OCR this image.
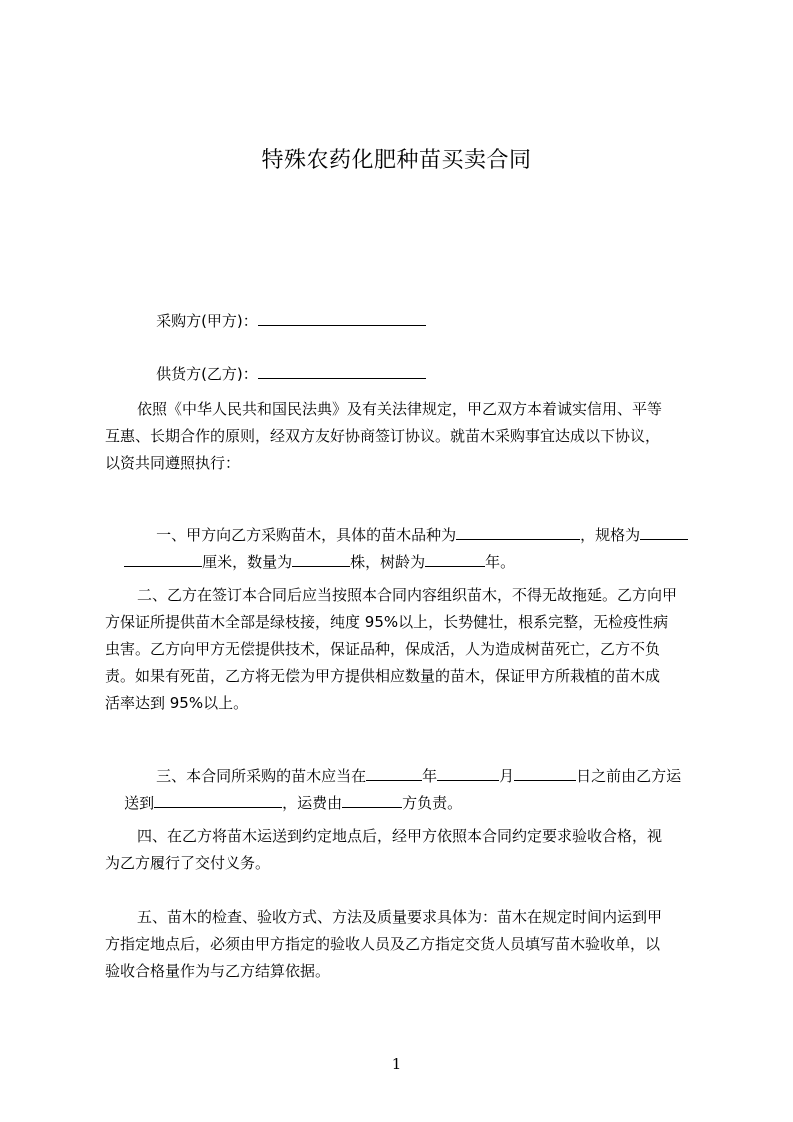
特殊农药化肥种苗买卖合同

采购方(甲方)：

供货方(乙方)：

依照《中华人民共和国民法典》及有关法律规定，甲乙双方本着诚实信用、平等
互惠、长期合作的原则，经双方友好协商签订协议。就苗木采购事宜达成以下协议，
以资共同遵照执行：

一、甲方向乙方采购苗木，具体的苗木品种为	，规格为

厘米，数量为	株，树龄为	年。

二、乙方在签订本合同后应当按照本合同内容组织苗木，不得无故拖延。乙方向甲
方保证所提供苗木全部是绿枝接，纯度 95%以上，长势健壮，根系完整，无检疫性病
虫害。乙方向甲方无偿提供技术，保证品种，保成活，人为造成树苗死亡，乙方不负
责。如果有死苗，乙方将无偿为甲方提供相应数量的苗木，保证甲方所栽植的苗木成
活率达到 95%以上。

三、本合同所采购的苗木应当在	年	月	日之前由乙方运

送到	，运费由	方负责。

四、在乙方将苗木运送到约定地点后，经甲方依照本合同约定要求验收合格，视
为乙方履行了交付义务。
五、苗木的检查、验收方式、方法及质量要求具体为：苗木在规定时间内运到甲
方指定地点后，必须由甲方指定的验收人员及乙方指定交货人员填写苗木验收单，以
验收合格量作为与乙方结算依据。
1
